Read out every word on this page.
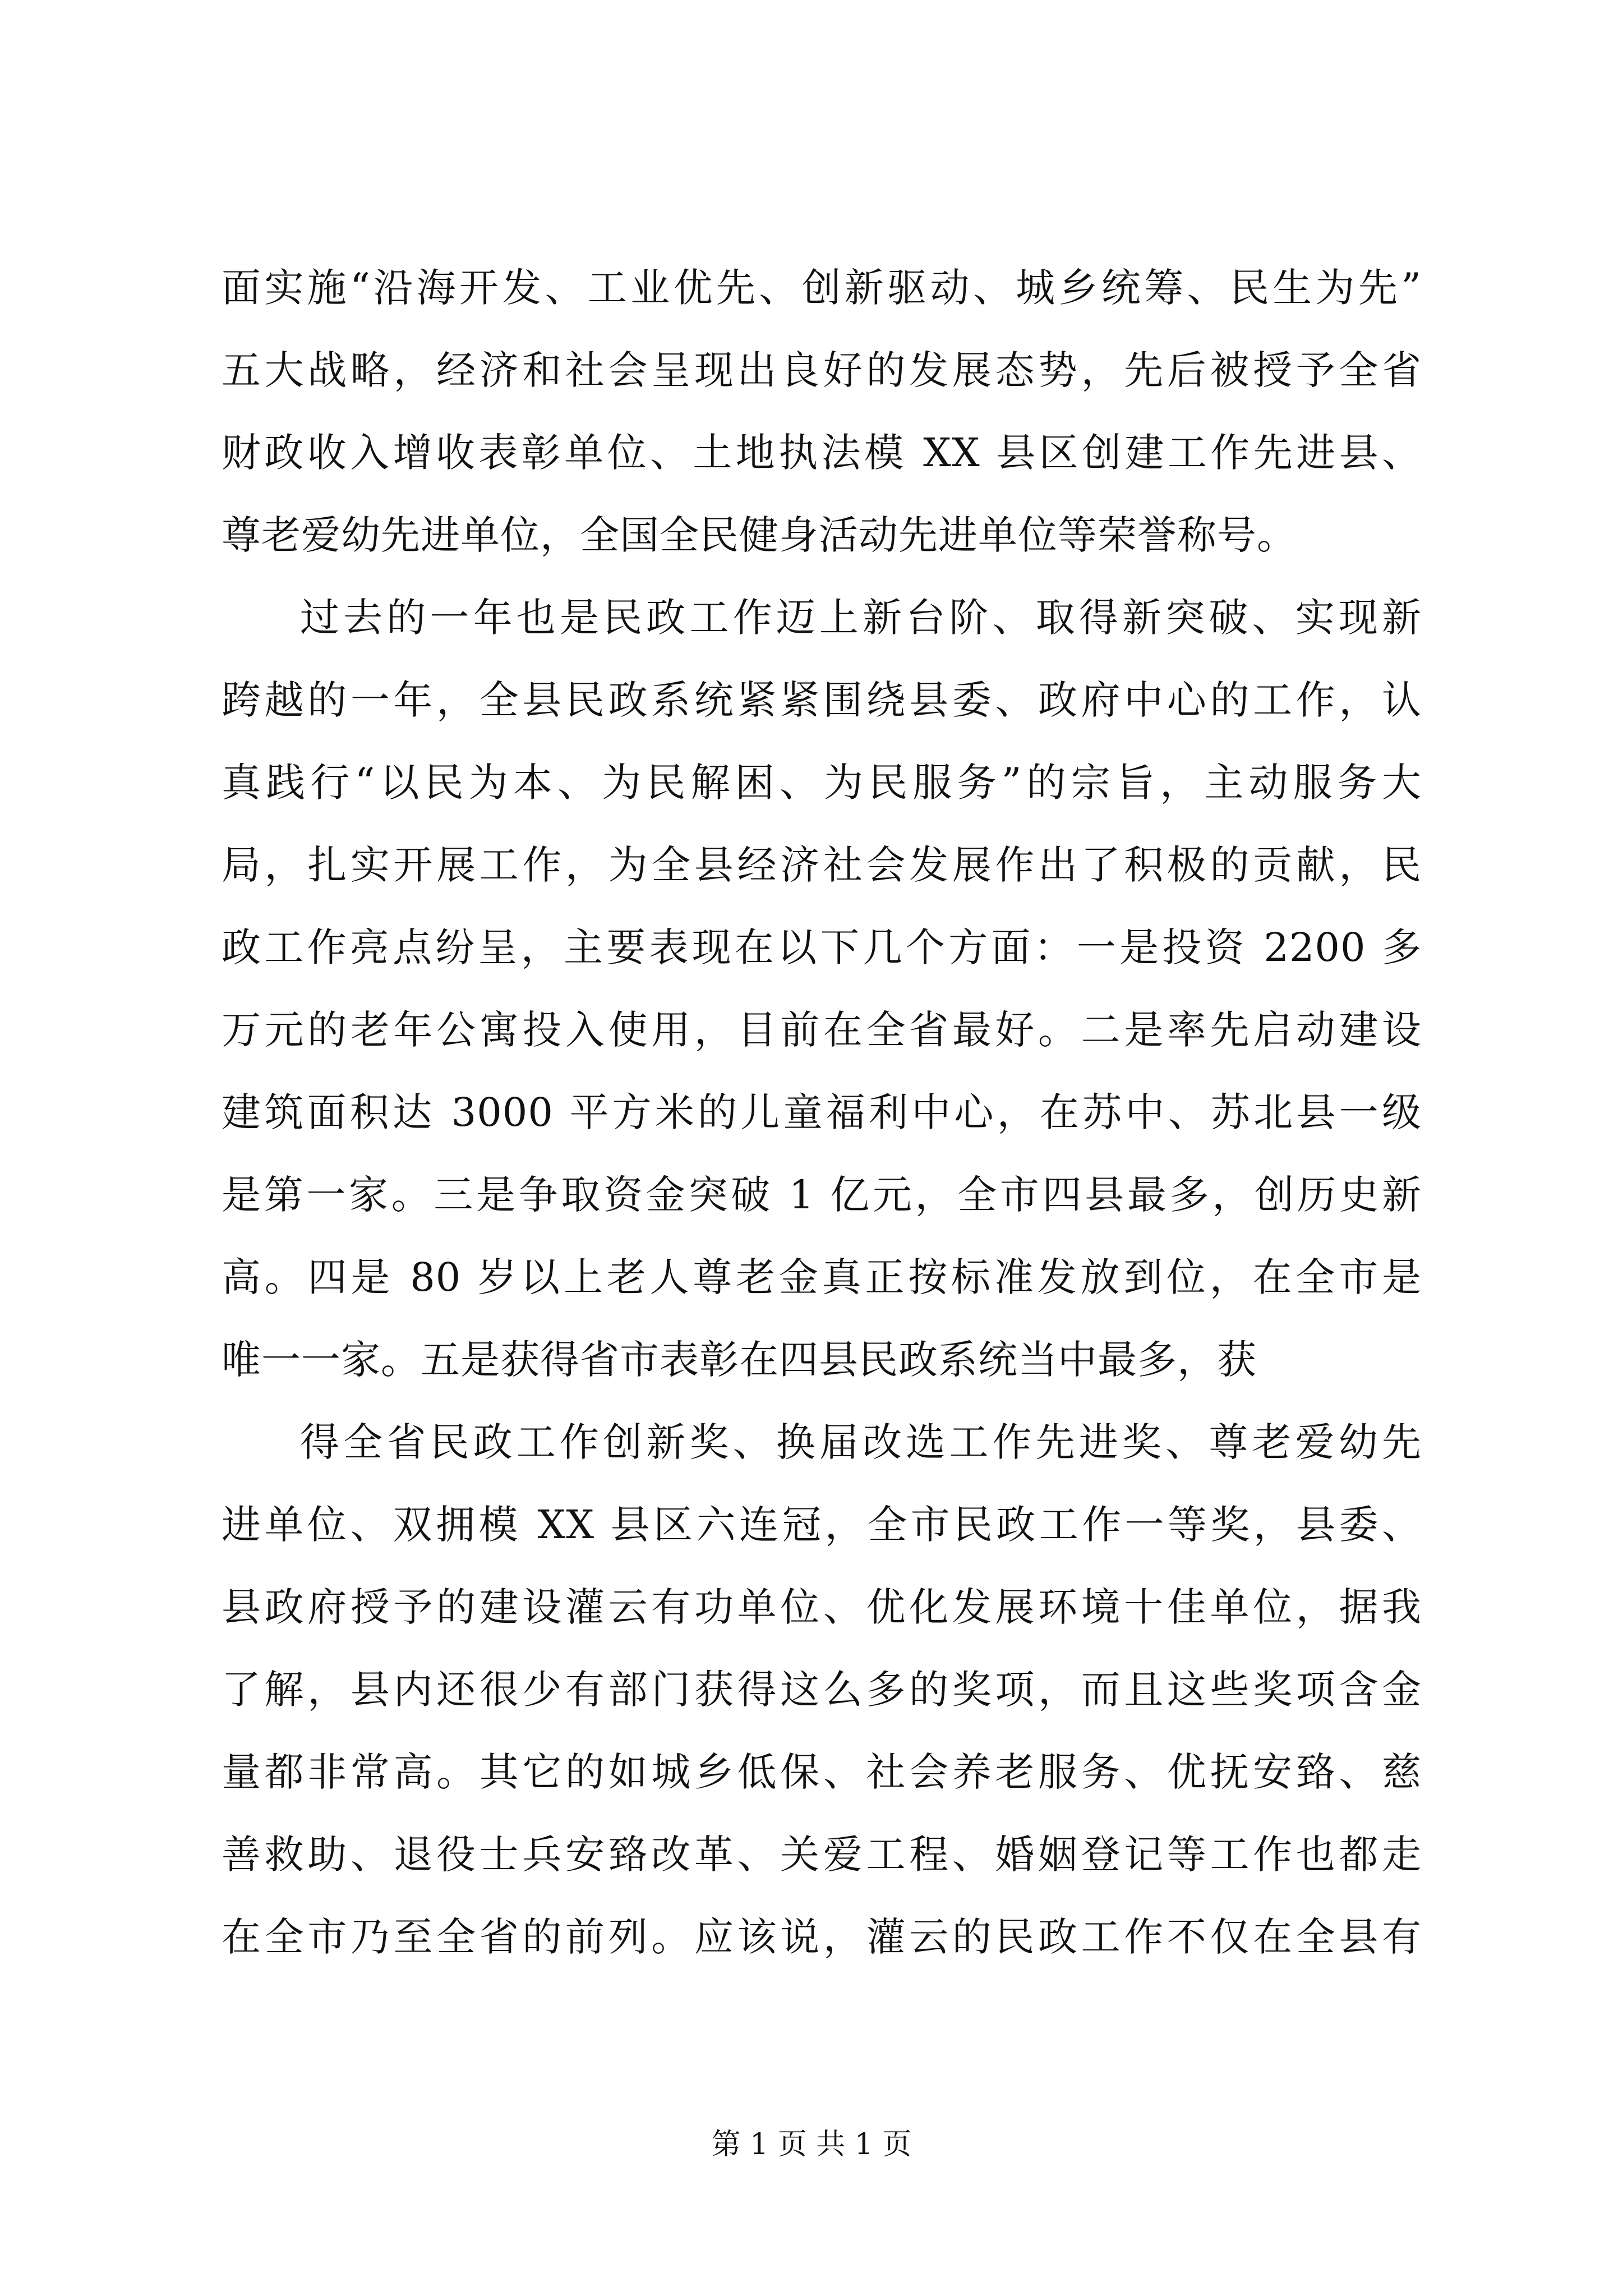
面实施“沿海开发、工业优先、创新驱动、城乡统筹、民生为先”
五大战略，经济和社会呈现出良好的发展态势，先后被授予全省
财政收入增收表彰单位、土地执法模 XX 县区创建工作先进县、
尊老爱幼先进单位，全国全民健身活动先进单位等荣誉称号。
过去的一年也是民政工作迈上新台阶、取得新突破、实现新
跨越的一年，全县民政系统紧紧围绕县委、政府中心的工作，认
真践行“以民为本、为民解困、为民服务”的宗旨，主动服务大
局，扎实开展工作，为全县经济社会发展作出了积极的贡献，民
政工作亮点纷呈，主要表现在以下几个方面：一是投资 2200 多
万元的老年公寓投入使用，目前在全省最好。二是率先启动建设
建筑面积达 3000 平方米的儿童福利中心，在苏中、苏北县一级
是第一家。三是争取资金突破 1 亿元，全市四县最多，创历史新
高。四是 80 岁以上老人尊老金真正按标准发放到位，在全市是
唯一一家。五是获得省市表彰在四县民政系统当中最多，获
得全省民政工作创新奖、换届改选工作先进奖、尊老爱幼先
进单位、双拥模 XX 县区六连冠，全市民政工作一等奖，县委、
县政府授予的建设灌云有功单位、优化发展环境十佳单位，据我
了解，县内还很少有部门获得这么多的奖项，而且这些奖项含金
量都非常高。其它的如城乡低保、社会养老服务、优抚安臵、慈
善救助、退役士兵安臵改革、关爱工程、婚姻登记等工作也都走
在全市乃至全省的前列。应该说，灌云的民政工作不仅在全县有
第 1 页 共 1 页
